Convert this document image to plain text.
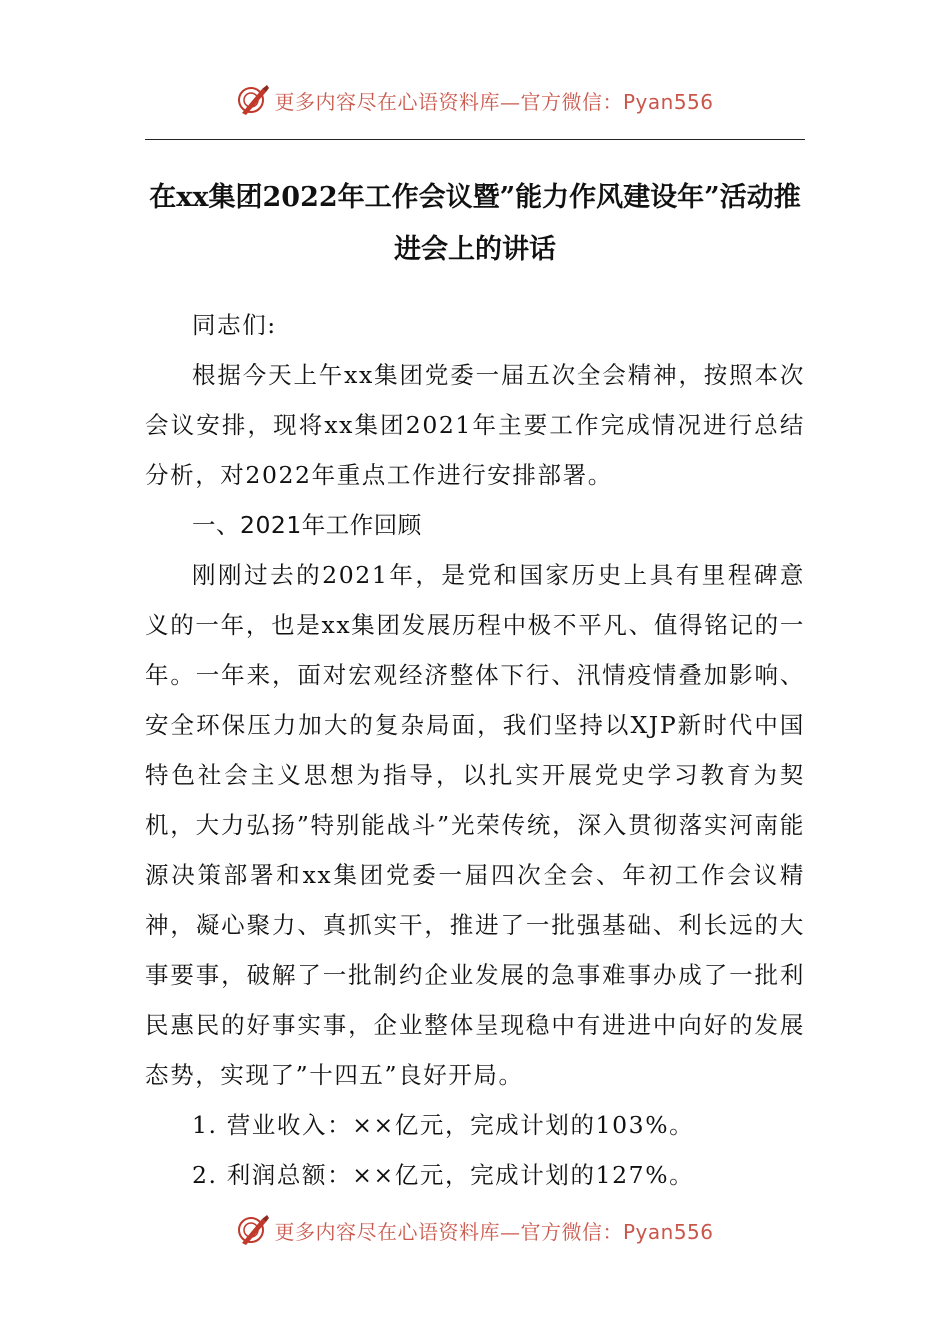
更多内容尽在心语资料库—官方微信：Pyan556
在xx集团2022年工作会议暨”能力作风建设年”活动推进会上的讲话

同志们:

根据今天上午xx集团党委一届五次全会精神，按照本次会议安排，现将xx集团2021年主要工作完成情况进行总结分析，对2022年重点工作进行安排部署。

一、2021年工作回顾

刚刚过去的2021年，是党和国家历史上具有里程碑意义的一年，也是xx集团发展历程中极不平凡、值得铭记的一年。一年来，面对宏观经济整体下行、汛情疫情叠加影响、安全环保压力加大的复杂局面，我们坚持以XJP新时代中国特色社会主义思想为指导，以扎实开展党史学习教育为契机，大力弘扬”特别能战斗”光荣传统，深入贯彻落实河南能源决策部署和xx集团党委一届四次全会、年初工作会议精神，凝心聚力、真抓实干，推进了一批强基础、利长远的大事要事，破解了一批制约企业发展的急事难事办成了一批利民惠民的好事实事，企业整体呈现稳中有进进中向好的发展态势，实现了”十四五”良好开局。

1. 营业收入：××亿元，完成计划的103%。

2. 利润总额：××亿元，完成计划的127%。

更多内容尽在心语资料库—官方微信：Pyan556
